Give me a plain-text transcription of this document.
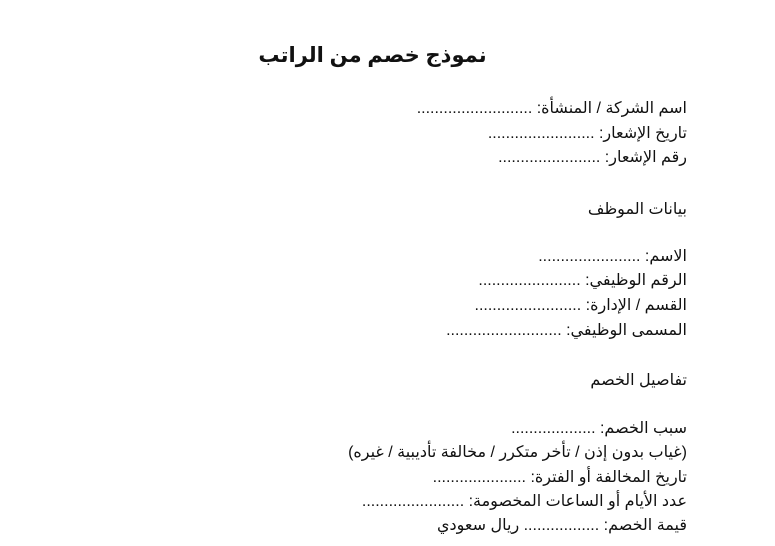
نموذج خصم من الراتب
اسم الشركة / المنشأة: ..........................
تاريخ الإشعار: ........................
رقم الإشعار: .......................
بيانات الموظف
الاسم: .......................
الرقم الوظيفي: .......................
القسم / الإدارة: ........................
المسمى الوظيفي: ..........................
تفاصيل الخصم
سبب الخصم: ...................
(غياب بدون إذن / تأخر متكرر / مخالفة تأديبية / غيره)
تاريخ المخالفة أو الفترة: .....................
عدد الأيام أو الساعات المخصومة: .......................
قيمة الخصم: ................. ريال سعودي
